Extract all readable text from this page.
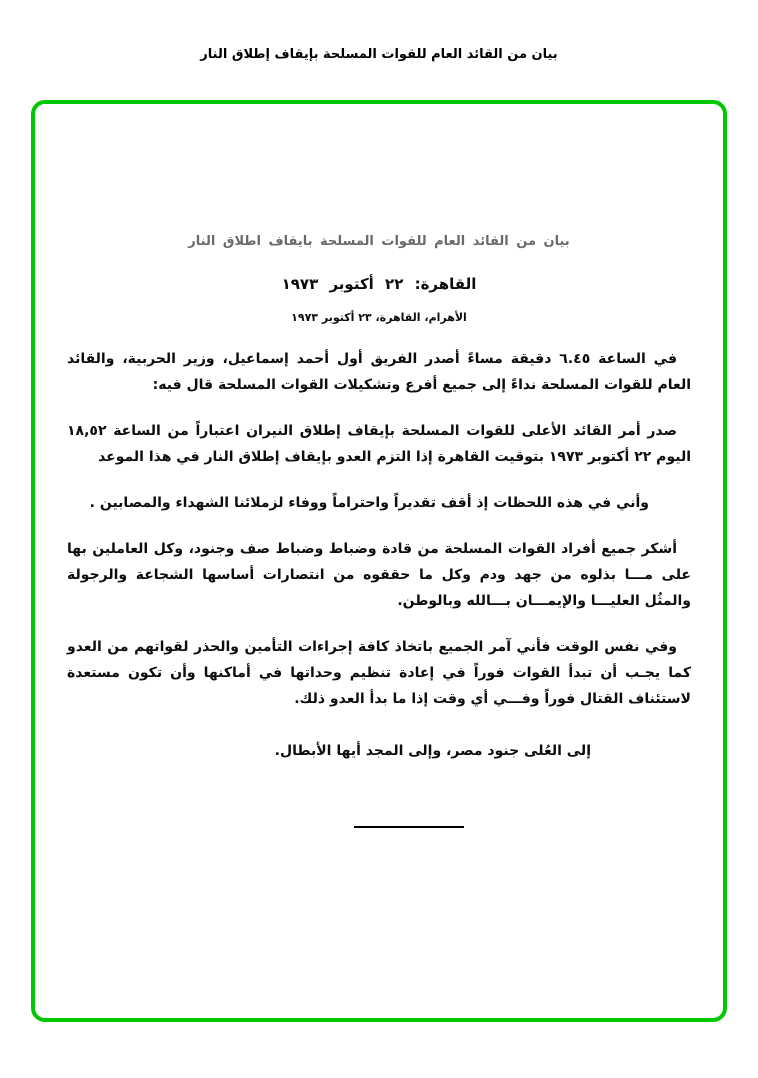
بيان من القائد العام للقوات المسلحة بإيقاف إطلاق النار
بيان من القائد العام للقوات المسلحة بايقاف اطلاق النار
القاهرة: ٢٢ أكتوبر ١٩٧٣
الأهرام، القاهرة، ٢٣ أكتوبر ١٩٧٣

في الساعة ٦.٤٥ دقيقة مساءً أصدر الفريق أول أحمد إسماعيل، وزير الحربية، والقائد العام للقوات المسلحة نداءً إلى جميع أفرع وتشكيلات القوات المسلحة قال فيه:

صدر أمر القائد الأعلى للقوات المسلحة بإيقاف إطلاق النيران اعتباراً من الساعة ١٨,٥٢ اليوم ٢٢ أكتوبر ١٩٧٣ بتوقيت القاهرة إذا التزم العدو بإيقاف إطلاق النار في هذا الموعد

وأني في هذه اللحظات إذ أقف تقديراً واحتراماً ووفاء لزملائنا الشهداء والمصابين .

أشكر جميع أفراد القوات المسلحة من قادة وضباط وضباط صف وجنود، وكل العاملين بها على مـــا بذلوه من جهد ودم وكل ما حققوه من انتصارات أساسها الشجاعة والرجولة والمثُل العليـــا والإيمـــان بـــالله وبالوطن.

وفي نفس الوقت فأني آمر الجميع باتخاذ كافة إجراءات التأمين والحذر لقواتهم من العدو كما يجـب أن تبدأ القوات فوراً في إعادة تنظيم وحداتها في أماكنها وأن تكون مستعدة لاستئناف القتال فوراً وفـــي أي وقت إذا ما بدأ العدو ذلك.

إلى العُلى جنود مصر، وإلى المجد أيها الأبطال.
